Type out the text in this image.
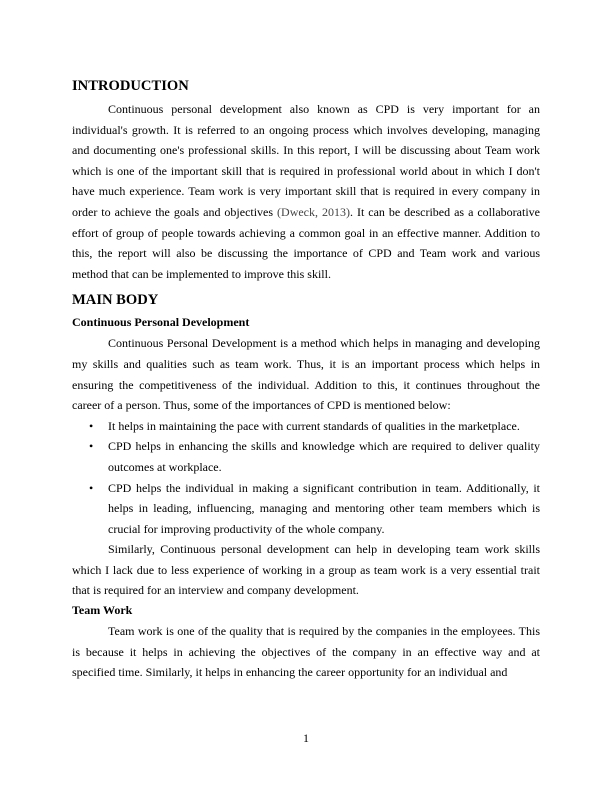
INTRODUCTION

Continuous personal development also known as CPD is very important for an individual's growth. It is referred to an ongoing process which involves developing, managing and documenting one's professional skills. In this report, I will be discussing about Team work which is one of the important skill that is required in professional world about in which I don't have much experience. Team work is very important skill that is required in every company in order to achieve the goals and objectives (Dweck, 2013). It can be described as a collaborative effort of group of people towards achieving a common goal in an effective manner. Addition to this, the report will also be discussing the importance of CPD and Team work and various method that can be implemented to improve this skill.

MAIN BODY
Continuous Personal Development

Continuous Personal Development is a method which helps in managing and developing my skills and qualities such as team work. Thus, it is an important process which helps in ensuring the competitiveness of the individual. Addition to this, it continues throughout the career of a person. Thus, some of the importances of CPD is mentioned below:

• It helps in maintaining the pace with current standards of qualities in the marketplace.
• CPD helps in enhancing the skills and knowledge which are required to deliver quality outcomes at workplace.
• CPD helps the individual in making a significant contribution in team. Additionally, it helps in leading, influencing, managing and mentoring other team members which is crucial for improving productivity of the whole company.

Similarly, Continuous personal development can help in developing team work skills which I lack due to less experience of working in a group as team work is a very essential trait that is required for an interview and company development.

Team Work

Team work is one of the quality that is required by the companies in the employees. This is because it helps in achieving the objectives of the company in an effective way and at specified time. Similarly, it helps in enhancing the career opportunity for an individual and

1
